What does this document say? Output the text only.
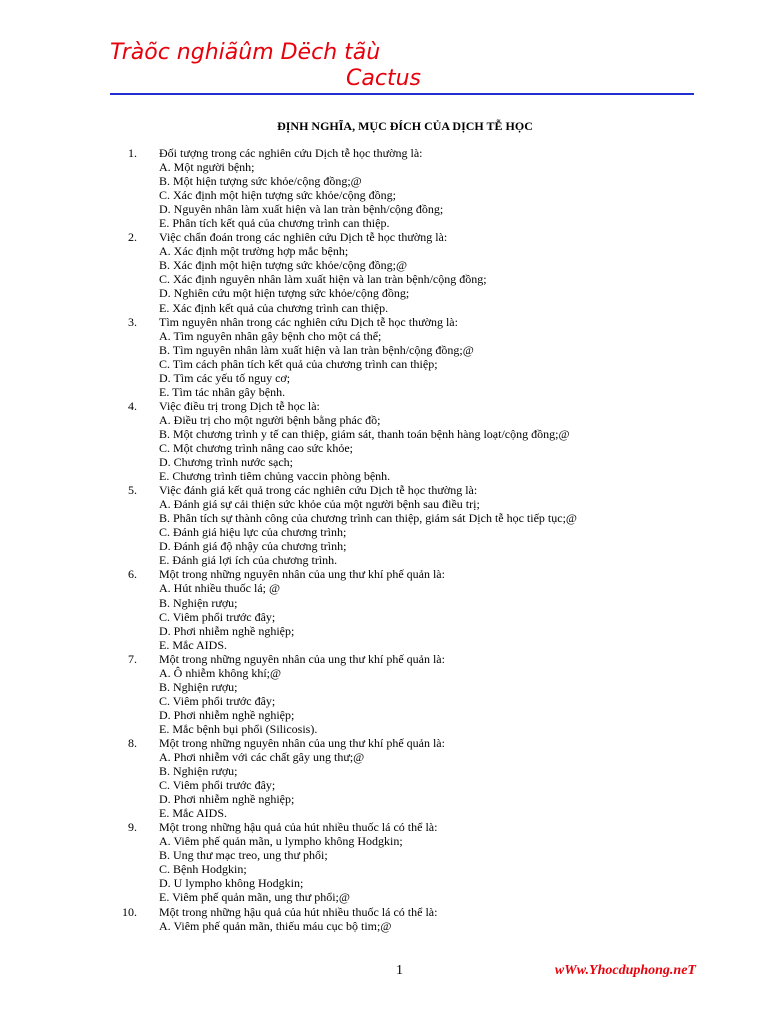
Tràõc nghiãûm Dëch tãù
Cactus
ĐỊNH NGHĨA, MỤC ĐÍCH CỦA DỊCH TỄ HỌC
1. Đối tượng trong các nghiên cứu Dịch tễ học thường là:
A. Một người bệnh;
B. Một hiện tượng sức khỏe/cộng đồng;@
C. Xác định một hiện tượng sức khỏe/cộng đồng;
D. Nguyên nhân làm xuất hiện và lan tràn bệnh/cộng đồng;
E. Phân tích kết quả của chương trình can thiệp.
2. Việc chẩn đoán trong các nghiên cứu Dịch tễ học thường là:
A. Xác định một trường hợp mắc bệnh;
B. Xác định một hiện tượng sức khỏe/cộng đồng;@
C. Xác định nguyên nhân làm xuất hiện và lan tràn bệnh/cộng đồng;
D. Nghiên cứu một hiện tượng sức khỏe/cộng đồng;
E. Xác định kết quả của chương trình can thiệp.
3. Tìm nguyên nhân trong các nghiên cứu Dịch tễ học thường là:
A. Tìm nguyên nhân gây bệnh cho một cá thể;
B. Tìm nguyên nhân làm xuất hiện và lan tràn bệnh/cộng đồng;@
C. Tìm cách phân tích kết quả của chương trình can thiệp;
D. Tìm các yếu tố nguy cơ;
E. Tìm tác nhân gây bệnh.
4. Việc điều trị trong Dịch tễ học là:
A. Điều trị cho một người bệnh bằng phác đồ;
B. Một chương trình y tế can thiệp, giám sát, thanh toán bệnh hàng loạt/cộng đồng;@
C. Một chương trình nâng cao sức khỏe;
D. Chương trình nước sạch;
E. Chương trình tiêm chủng vaccin phòng bệnh.
5. Việc đánh giá kết quả trong các nghiên cứu Dịch tễ học thường là:
A. Đánh giá sự cải thiện sức khỏe của một người bệnh sau điều trị;
B. Phân tích sự thành công của chương trình can thiệp, giám sát Dịch tễ học tiếp tục;@
C. Đánh giá hiệu lực của chương trình;
D. Đánh giá độ nhậy của chương trình;
E. Đánh giá lợi ích của chương trình.
6. Một trong những nguyên nhân của ung thư khí phế quản là:
A. Hút nhiều thuốc lá; @
B. Nghiện rượu;
C. Viêm phổi trước đây;
D. Phơi nhiễm nghề nghiệp;
E. Mắc AIDS.
7. Một trong những nguyên nhân của ung thư khí phế quản là:
A. Ô nhiễm không khí;@
B. Nghiện rượu;
C. Viêm phổi trước đây;
D. Phơi nhiễm nghề nghiệp;
E. Mắc bệnh bụi phổi (Silicosis).
8. Một trong những nguyên nhân của ung thư khí phế quản là:
A. Phơi nhiễm với các chất gây ung thư;@
B. Nghiện rượu;
C. Viêm phổi trước đây;
D. Phơi nhiễm nghề nghiệp;
E. Mắc AIDS.
9. Một trong những hậu quả của hút nhiều thuốc lá có thể là:
A. Viêm phế quản mãn, u lympho không Hodgkin;
B. Ung thư mạc treo, ung thư phổi;
C. Bệnh Hodgkin;
D. U lympho không Hodgkin;
E. Viêm phế quản mãn, ung thư phổi;@
10. Một trong những hậu quả của hút nhiều thuốc lá có thể là:
A. Viêm phế quản mãn, thiếu máu cục bộ tim;@
1	wWw.Yhocduphong.neT
